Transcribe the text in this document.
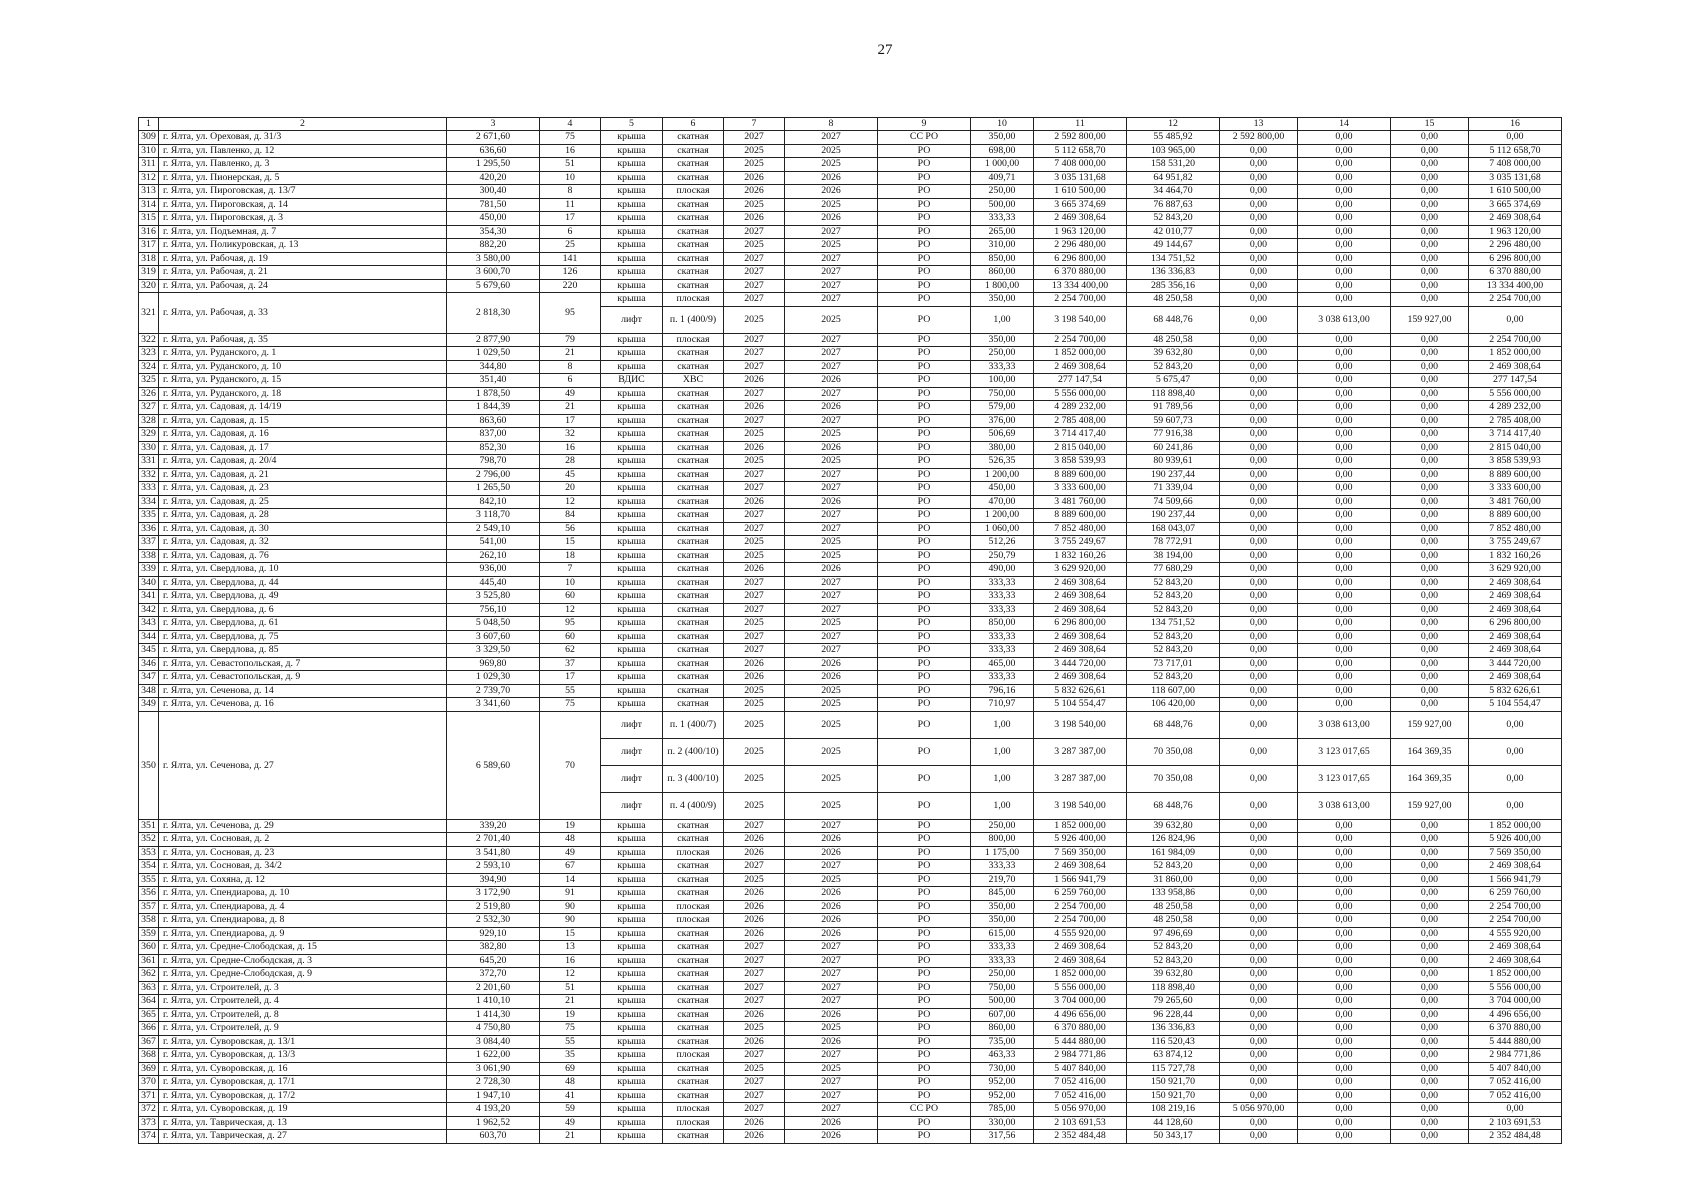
27
1	2	3	4	5	6	7	8	9	10	11	12	13	14	15	16
309	г. Ялта, ул. Ореховая, д. 31/3	2 671,60	75	крыша	скатная	2027	2027	СС РО	350,00	2 592 800,00	55 485,92	2 592 800,00	0,00	0,00	0,00
310	г. Ялта, ул. Павленко, д. 12	636,60	16	крыша	скатная	2025	2025	РО	698,00	5 112 658,70	103 965,00	0,00	0,00	0,00	5 112 658,70
311	г. Ялта, ул. Павленко, д. 3	1 295,50	51	крыша	скатная	2025	2025	РО	1 000,00	7 408 000,00	158 531,20	0,00	0,00	0,00	7 408 000,00
312	г. Ялта, ул. Пионерская, д. 5	420,20	10	крыша	скатная	2026	2026	РО	409,71	3 035 131,68	64 951,82	0,00	0,00	0,00	3 035 131,68
313	г. Ялта, ул. Пироговская, д. 13/7	300,40	8	крыша	плоская	2026	2026	РО	250,00	1 610 500,00	34 464,70	0,00	0,00	0,00	1 610 500,00
314	г. Ялта, ул. Пироговская, д. 14	781,50	11	крыша	скатная	2025	2025	РО	500,00	3 665 374,69	76 887,63	0,00	0,00	0,00	3 665 374,69
315	г. Ялта, ул. Пироговская, д. 3	450,00	17	крыша	скатная	2026	2026	РО	333,33	2 469 308,64	52 843,20	0,00	0,00	0,00	2 469 308,64
316	г. Ялта, ул. Подъемная, д. 7	354,30	6	крыша	скатная	2027	2027	РО	265,00	1 963 120,00	42 010,77	0,00	0,00	0,00	1 963 120,00
317	г. Ялта, ул. Поликуровская, д. 13	882,20	25	крыша	скатная	2025	2025	РО	310,00	2 296 480,00	49 144,67	0,00	0,00	0,00	2 296 480,00
318	г. Ялта, ул. Рабочая, д. 19	3 580,00	141	крыша	скатная	2027	2027	РО	850,00	6 296 800,00	134 751,52	0,00	0,00	0,00	6 296 800,00
319	г. Ялта, ул. Рабочая, д. 21	3 600,70	126	крыша	скатная	2027	2027	РО	860,00	6 370 880,00	136 336,83	0,00	0,00	0,00	6 370 880,00
320	г. Ялта, ул. Рабочая, д. 24	5 679,60	220	крыша	скатная	2027	2027	РО	1 800,00	13 334 400,00	285 356,16	0,00	0,00	0,00	13 334 400,00
321	г. Ялта, ул. Рабочая, д. 33	2 818,30	95	крыша	плоская	2027	2027	РО	350,00	2 254 700,00	48 250,58	0,00	0,00	0,00	2 254 700,00
				лифт	п. 1 (400/9)	2025	2025	РО	1,00	3 198 540,00	68 448,76	0,00	3 038 613,00	159 927,00	0,00
322	г. Ялта, ул. Рабочая, д. 35	2 877,90	79	крыша	плоская	2027	2027	РО	350,00	2 254 700,00	48 250,58	0,00	0,00	0,00	2 254 700,00
323	г. Ялта, ул. Руданского, д. 1	1 029,50	21	крыша	скатная	2027	2027	РО	250,00	1 852 000,00	39 632,80	0,00	0,00	0,00	1 852 000,00
324	г. Ялта, ул. Руданского, д. 10	344,80	8	крыша	скатная	2027	2027	РО	333,33	2 469 308,64	52 843,20	0,00	0,00	0,00	2 469 308,64
325	г. Ялта, ул. Руданского, д. 15	351,40	6	ВДИС	ХВС	2026	2026	РО	100,00	277 147,54	5 675,47	0,00	0,00	0,00	277 147,54
326	г. Ялта, ул. Руданского, д. 18	1 878,50	49	крыша	скатная	2027	2027	РО	750,00	5 556 000,00	118 898,40	0,00	0,00	0,00	5 556 000,00
327	г. Ялта, ул. Садовая, д. 14/19	1 844,39	21	крыша	скатная	2026	2026	РО	579,00	4 289 232,00	91 789,56	0,00	0,00	0,00	4 289 232,00
328	г. Ялта, ул. Садовая, д. 15	863,60	17	крыша	скатная	2027	2027	РО	376,00	2 785 408,00	59 607,73	0,00	0,00	0,00	2 785 408,00
329	г. Ялта, ул. Садовая, д. 16	837,00	32	крыша	скатная	2025	2025	РО	506,69	3 714 417,40	77 916,38	0,00	0,00	0,00	3 714 417,40
330	г. Ялта, ул. Садовая, д. 17	852,30	16	крыша	скатная	2026	2026	РО	380,00	2 815 040,00	60 241,86	0,00	0,00	0,00	2 815 040,00
331	г. Ялта, ул. Садовая, д. 20/4	798,70	28	крыша	скатная	2025	2025	РО	526,35	3 858 539,93	80 939,61	0,00	0,00	0,00	3 858 539,93
332	г. Ялта, ул. Садовая, д. 21	2 796,00	45	крыша	скатная	2027	2027	РО	1 200,00	8 889 600,00	190 237,44	0,00	0,00	0,00	8 889 600,00
333	г. Ялта, ул. Садовая, д. 23	1 265,50	20	крыша	скатная	2027	2027	РО	450,00	3 333 600,00	71 339,04	0,00	0,00	0,00	3 333 600,00
334	г. Ялта, ул. Садовая, д. 25	842,10	12	крыша	скатная	2026	2026	РО	470,00	3 481 760,00	74 509,66	0,00	0,00	0,00	3 481 760,00
335	г. Ялта, ул. Садовая, д. 28	3 118,70	84	крыша	скатная	2027	2027	РО	1 200,00	8 889 600,00	190 237,44	0,00	0,00	0,00	8 889 600,00
336	г. Ялта, ул. Садовая, д. 30	2 549,10	56	крыша	скатная	2027	2027	РО	1 060,00	7 852 480,00	168 043,07	0,00	0,00	0,00	7 852 480,00
337	г. Ялта, ул. Садовая, д. 32	541,00	15	крыша	скатная	2025	2025	РО	512,26	3 755 249,67	78 772,91	0,00	0,00	0,00	3 755 249,67
338	г. Ялта, ул. Садовая, д. 76	262,10	18	крыша	скатная	2025	2025	РО	250,79	1 832 160,26	38 194,00	0,00	0,00	0,00	1 832 160,26
339	г. Ялта, ул. Свердлова, д. 10	936,00	7	крыша	скатная	2026	2026	РО	490,00	3 629 920,00	77 680,29	0,00	0,00	0,00	3 629 920,00
340	г. Ялта, ул. Свердлова, д. 44	445,40	10	крыша	скатная	2027	2027	РО	333,33	2 469 308,64	52 843,20	0,00	0,00	0,00	2 469 308,64
341	г. Ялта, ул. Свердлова, д. 49	3 525,80	60	крыша	скатная	2027	2027	РО	333,33	2 469 308,64	52 843,20	0,00	0,00	0,00	2 469 308,64
342	г. Ялта, ул. Свердлова, д. 6	756,10	12	крыша	скатная	2027	2027	РО	333,33	2 469 308,64	52 843,20	0,00	0,00	0,00	2 469 308,64
343	г. Ялта, ул. Свердлова, д. 61	5 048,50	95	крыша	скатная	2025	2025	РО	850,00	6 296 800,00	134 751,52	0,00	0,00	0,00	6 296 800,00
344	г. Ялта, ул. Свердлова, д. 75	3 607,60	60	крыша	скатная	2027	2027	РО	333,33	2 469 308,64	52 843,20	0,00	0,00	0,00	2 469 308,64
345	г. Ялта, ул. Свердлова, д. 85	3 329,50	62	крыша	скатная	2027	2027	РО	333,33	2 469 308,64	52 843,20	0,00	0,00	0,00	2 469 308,64
346	г. Ялта, ул. Севастопольская, д. 7	969,80	37	крыша	скатная	2026	2026	РО	465,00	3 444 720,00	73 717,01	0,00	0,00	0,00	3 444 720,00
347	г. Ялта, ул. Севастопольская, д. 9	1 029,30	17	крыша	скатная	2026	2026	РО	333,33	2 469 308,64	52 843,20	0,00	0,00	0,00	2 469 308,64
348	г. Ялта, ул. Сеченова, д. 14	2 739,70	55	крыша	скатная	2025	2025	РО	796,16	5 832 626,61	118 607,00	0,00	0,00	0,00	5 832 626,61
349	г. Ялта, ул. Сеченова, д. 16	3 341,60	75	крыша	скатная	2025	2025	РО	710,97	5 104 554,47	106 420,00	0,00	0,00	0,00	5 104 554,47
350	г. Ялта, ул. Сеченова, д. 27	6 589,60	70	лифт	п. 1 (400/7)	2025	2025	РО	1,00	3 198 540,00	68 448,76	0,00	3 038 613,00	159 927,00	0,00
				лифт	п. 2 (400/10)	2025	2025	РО	1,00	3 287 387,00	70 350,08	0,00	3 123 017,65	164 369,35	0,00
				лифт	п. 3 (400/10)	2025	2025	РО	1,00	3 287 387,00	70 350,08	0,00	3 123 017,65	164 369,35	0,00
				лифт	п. 4 (400/9)	2025	2025	РО	1,00	3 198 540,00	68 448,76	0,00	3 038 613,00	159 927,00	0,00
351	г. Ялта, ул. Сеченова, д. 29	339,20	19	крыша	скатная	2027	2027	РО	250,00	1 852 000,00	39 632,80	0,00	0,00	0,00	1 852 000,00
352	г. Ялта, ул. Сосновая, д. 2	2 701,40	48	крыша	скатная	2026	2026	РО	800,00	5 926 400,00	126 824,96	0,00	0,00	0,00	5 926 400,00
353	г. Ялта, ул. Сосновая, д. 23	3 541,80	49	крыша	плоская	2026	2026	РО	1 175,00	7 569 350,00	161 984,09	0,00	0,00	0,00	7 569 350,00
354	г. Ялта, ул. Сосновая, д. 34/2	2 593,10	67	крыша	скатная	2027	2027	РО	333,33	2 469 308,64	52 843,20	0,00	0,00	0,00	2 469 308,64
355	г. Ялта, ул. Сохяна, д. 12	394,90	14	крыша	скатная	2025	2025	РО	219,70	1 566 941,79	31 860,00	0,00	0,00	0,00	1 566 941,79
356	г. Ялта, ул. Спендиарова, д. 10	3 172,90	91	крыша	скатная	2026	2026	РО	845,00	6 259 760,00	133 958,86	0,00	0,00	0,00	6 259 760,00
357	г. Ялта, ул. Спендиарова, д. 4	2 519,80	90	крыша	плоская	2026	2026	РО	350,00	2 254 700,00	48 250,58	0,00	0,00	0,00	2 254 700,00
358	г. Ялта, ул. Спендиарова, д. 8	2 532,30	90	крыша	плоская	2026	2026	РО	350,00	2 254 700,00	48 250,58	0,00	0,00	0,00	2 254 700,00
359	г. Ялта, ул. Спендиарова, д. 9	929,10	15	крыша	скатная	2026	2026	РО	615,00	4 555 920,00	97 496,69	0,00	0,00	0,00	4 555 920,00
360	г. Ялта, ул. Средне-Слободская, д. 15	382,80	13	крыша	скатная	2027	2027	РО	333,33	2 469 308,64	52 843,20	0,00	0,00	0,00	2 469 308,64
361	г. Ялта, ул. Средне-Слободская, д. 3	645,20	16	крыша	скатная	2027	2027	РО	333,33	2 469 308,64	52 843,20	0,00	0,00	0,00	2 469 308,64
362	г. Ялта, ул. Средне-Слободская, д. 9	372,70	12	крыша	скатная	2027	2027	РО	250,00	1 852 000,00	39 632,80	0,00	0,00	0,00	1 852 000,00
363	г. Ялта, ул. Строителей, д. 3	2 201,60	51	крыша	скатная	2027	2027	РО	750,00	5 556 000,00	118 898,40	0,00	0,00	0,00	5 556 000,00
364	г. Ялта, ул. Строителей, д. 4	1 410,10	21	крыша	скатная	2027	2027	РО	500,00	3 704 000,00	79 265,60	0,00	0,00	0,00	3 704 000,00
365	г. Ялта, ул. Строителей, д. 8	1 414,30	19	крыша	скатная	2026	2026	РО	607,00	4 496 656,00	96 228,44	0,00	0,00	0,00	4 496 656,00
366	г. Ялта, ул. Строителей, д. 9	4 750,80	75	крыша	скатная	2025	2025	РО	860,00	6 370 880,00	136 336,83	0,00	0,00	0,00	6 370 880,00
367	г. Ялта, ул. Суворовская, д. 13/1	3 084,40	55	крыша	скатная	2026	2026	РО	735,00	5 444 880,00	116 520,43	0,00	0,00	0,00	5 444 880,00
368	г. Ялта, ул. Суворовская, д. 13/3	1 622,00	35	крыша	плоская	2027	2027	РО	463,33	2 984 771,86	63 874,12	0,00	0,00	0,00	2 984 771,86
369	г. Ялта, ул. Суворовская, д. 16	3 061,90	69	крыша	скатная	2025	2025	РО	730,00	5 407 840,00	115 727,78	0,00	0,00	0,00	5 407 840,00
370	г. Ялта, ул. Суворовская, д. 17/1	2 728,30	48	крыша	скатная	2027	2027	РО	952,00	7 052 416,00	150 921,70	0,00	0,00	0,00	7 052 416,00
371	г. Ялта, ул. Суворовская, д. 17/2	1 947,10	41	крыша	скатная	2027	2027	РО	952,00	7 052 416,00	150 921,70	0,00	0,00	0,00	7 052 416,00
372	г. Ялта, ул. Суворовская, д. 19	4 193,20	59	крыша	плоская	2027	2027	СС РО	785,00	5 056 970,00	108 219,16	5 056 970,00	0,00	0,00	0,00
373	г. Ялта, ул. Таврическая, д. 13	1 962,52	49	крыша	плоская	2026	2026	РО	330,00	2 103 691,53	44 128,60	0,00	0,00	0,00	2 103 691,53
374	г. Ялта, ул. Таврическая, д. 27	603,70	21	крыша	скатная	2026	2026	РО	317,56	2 352 484,48	50 343,17	0,00	0,00	0,00	2 352 484,48
